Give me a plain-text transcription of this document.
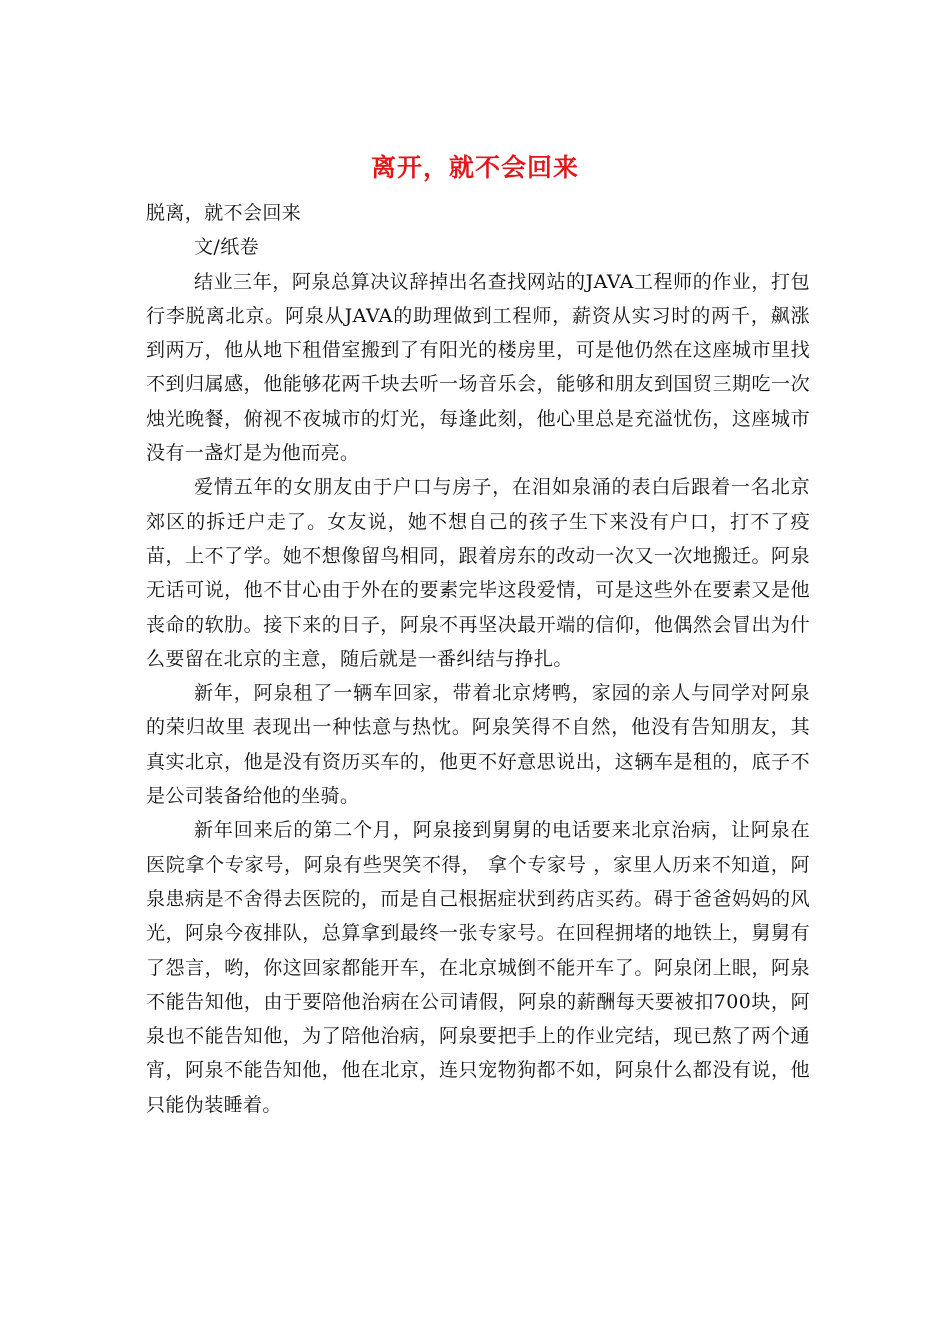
离开，就不会回来

脱离，就不会回来

文/纸卷

结业三年，阿泉总算决议辞掉出名查找网站的JAVA工程师的作业，打包行李脱离北京。阿泉从JAVA的助理做到工程师，薪资从实习时的两千，飙涨到两万，他从地下租借室搬到了有阳光的楼房里，可是他仍然在这座城市里找不到归属感，他能够花两千块去听一场音乐会，能够和朋友到国贸三期吃一次烛光晚餐，俯视不夜城市的灯光，每逢此刻，他心里总是充溢忧伤，这座城市没有一盏灯是为他而亮。

爱情五年的女朋友由于户口与房子，在泪如泉涌的表白后跟着一名北京郊区的拆迁户走了。女友说，她不想自己的孩子生下来没有户口，打不了疫苗，上不了学。她不想像留鸟相同，跟着房东的改动一次又一次地搬迁。阿泉无话可说，他不甘心由于外在的要素完毕这段爱情，可是这些外在要素又是他丧命的软肋。接下来的日子，阿泉不再坚决最开端的信仰，他偶然会冒出为什么要留在北京的主意，随后就是一番纠结与挣扎。

新年，阿泉租了一辆车回家，带着北京烤鸭，家园的亲人与同学对阿泉的荣归故里 表现出一种怯意与热忱。阿泉笑得不自然，他没有告知朋友，其真实北京，他是没有资历买车的，他更不好意思说出，这辆车是租的，底子不是公司装备给他的坐骑。

新年回来后的第二个月，阿泉接到舅舅的电话要来北京治病，让阿泉在医院拿个专家号，阿泉有些哭笑不得， 拿个专家号 ，家里人历来不知道，阿泉患病是不舍得去医院的，而是自己根据症状到药店买药。碍于爸爸妈妈的风光，阿泉今夜排队，总算拿到最终一张专家号。在回程拥堵的地铁上，舅舅有了怨言，哟，你这回家都能开车，在北京城倒不能开车了。阿泉闭上眼，阿泉不能告知他，由于要陪他治病在公司请假，阿泉的薪酬每天要被扣700块，阿泉也不能告知他，为了陪他治病，阿泉要把手上的作业完结，现已熬了两个通宵，阿泉不能告知他，他在北京，连只宠物狗都不如，阿泉什么都没有说，他只能伪装睡着。
